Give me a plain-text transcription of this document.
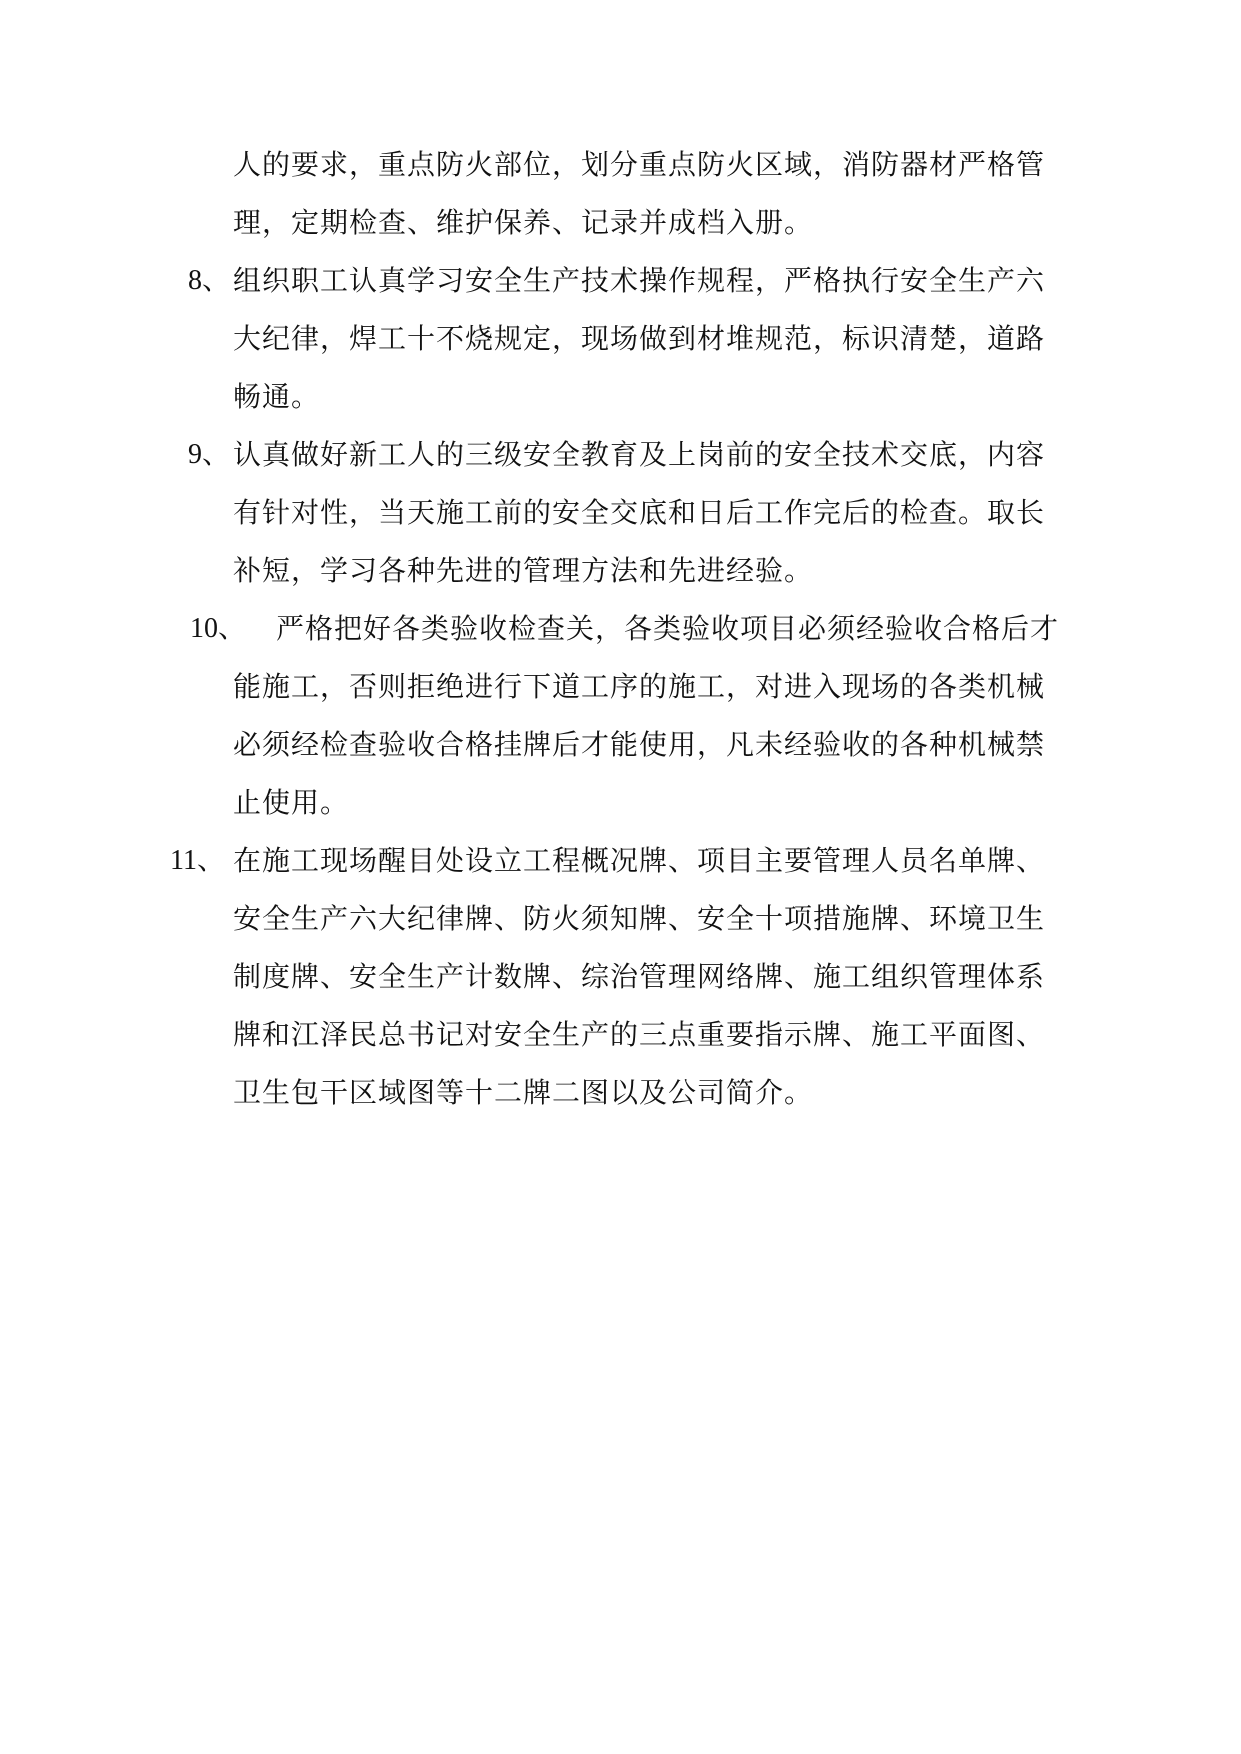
人的要求，重点防火部位，划分重点防火区域，消防器材严格管
理，定期检查、维护保养、记录并成档入册。
8、 组织职工认真学习安全生产技术操作规程，严格执行安全生产六
大纪律，焊工十不烧规定，现场做到材堆规范，标识清楚，道路
畅通。
9、 认真做好新工人的三级安全教育及上岗前的安全技术交底，内容
有针对性，当天施工前的安全交底和日后工作完后的检查。取长
补短，学习各种先进的管理方法和先进经验。
10、 严格把好各类验收检查关，各类验收项目必须经验收合格后才
能施工，否则拒绝进行下道工序的施工，对进入现场的各类机械
必须经检查验收合格挂牌后才能使用，凡未经验收的各种机械禁
止使用。
11、 在施工现场醒目处设立工程概况牌、项目主要管理人员名单牌、
安全生产六大纪律牌、防火须知牌、安全十项措施牌、环境卫生
制度牌、安全生产计数牌、综治管理网络牌、施工组织管理体系
牌和江泽民总书记对安全生产的三点重要指示牌、施工平面图、
卫生包干区域图等十二牌二图以及公司简介。
